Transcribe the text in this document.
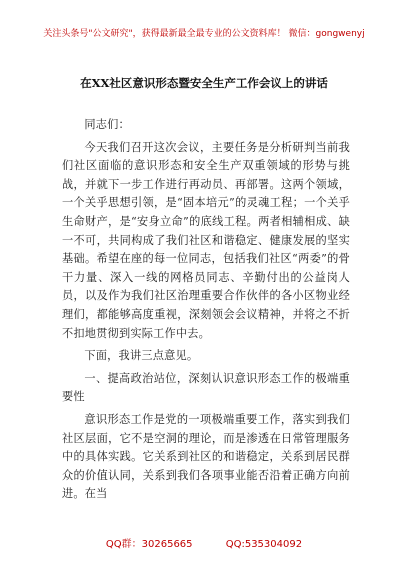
关注头条号"公文研究"，获得最新最全最专业的公文资料库！ 微信：gongwenyj
在XX社区意识形态暨安全生产工作会议上的讲话

同志们：

今天我们召开这次会议，主要任务是分析研判当前我们社区面临的意识形态和安全生产双重领域的形势与挑战，并就下一步工作进行再动员、再部署。这两个领域，一个关乎思想引领，是“固本培元”的灵魂工程；一个关乎生命财产，是“安身立命”的底线工程。两者相辅相成、缺一不可，共同构成了我们社区和谐稳定、健康发展的坚实基础。希望在座的每一位同志，包括我们社区“两委”的骨干力量、深入一线的网格员同志、辛勤付出的公益岗人员，以及作为我们社区治理重要合作伙伴的各小区物业经理们，都能够高度重视，深刻领会会议精神，并将之不折不扣地贯彻到实际工作中去。

下面，我讲三点意见。

一、提高政治站位，深刻认识意识形态工作的极端重要性

意识形态工作是党的一项极端重要工作，落实到我们社区层面，它不是空洞的理论，而是渗透在日常管理服务中的具体实践。它关系到社区的和谐稳定，关系到居民群众的价值认同，关系到我们各项事业能否沿着正确方向前进。在当

QQ群：30265665	QQ:535304092
